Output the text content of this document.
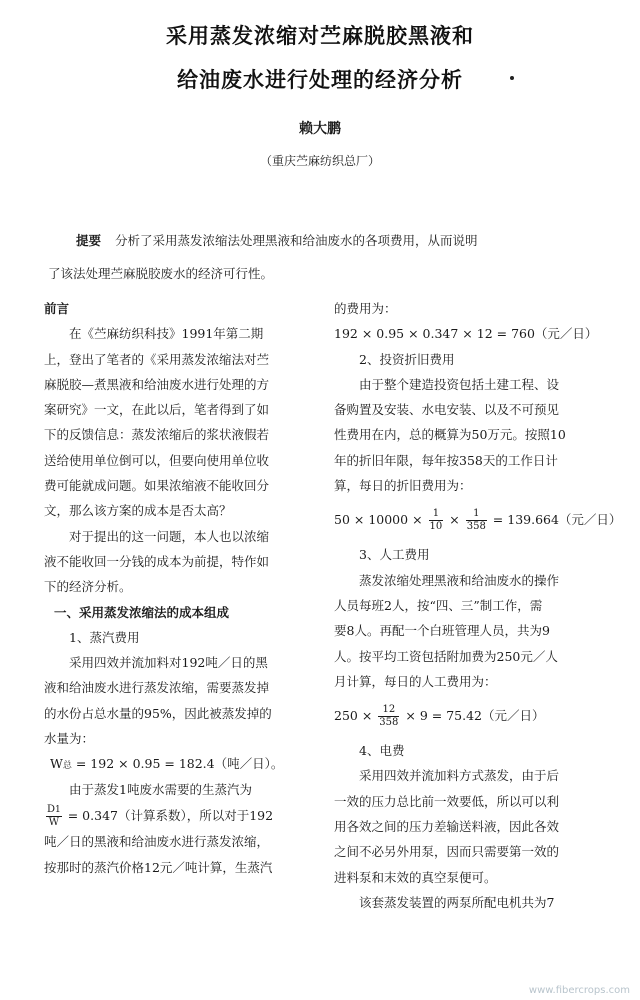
采用蒸发浓缩对苎麻脱胶黑液和
给油废水进行处理的经济分析
赖大鹏
（重庆苎麻纺织总厂）
提要 分析了采用蒸发浓缩法处理黑液和给油废水的各项费用，从而说明
了该法处理苎麻脱胶废水的经济可行性。
前言
在《苎麻纺织科技》1991年第二期
上，登出了笔者的《采用蒸发浓缩法对苎
麻脱胶—煮黑液和给油废水进行处理的方
案研究》一文，在此以后，笔者得到了如
下的反馈信息：蒸发浓缩后的浆状液假若
送给使用单位倒可以，但要向使用单位收
费可能就成问题。如果浓缩液不能收回分
文，那么该方案的成本是否太高？
对于提出的这一问题，本人也以浓缩
液不能收回一分钱的成本为前提，特作如
下的经济分析。
一、采用蒸发浓缩法的成本组成
1、蒸汽费用
采用四效并流加料对192吨／日的黑
液和给油废水进行蒸发浓缩，需要蒸发掉
的水份占总水量的95%，因此被蒸发掉的
水量为：
W总 = 192 × 0.95 = 182.4（吨／日）。
由于蒸发1吨废水需要的生蒸汽为
$\frac{D1}{W} = 0.347$（计算系数），所以对于192
吨／日的黑液和给油废水进行蒸发浓缩，
按那时的蒸汽价格12元／吨计算，生蒸汽
的费用为：
192 × 0.95 × 0.347 × 12 = 760（元／日）
2、投资折旧费用
由于整个建造投资包括土建工程、设
备购置及安装、水电安装、以及不可预见
性费用在内，总的概算为50万元。按照10
年的折旧年限，每年按358天的工作日计
算，每日的折旧费用为：
$50 \times 10000 \times \frac{1}{10} \times \frac{1}{358} = 139.664$（元／日）
3、人工费用
蒸发浓缩处理黑液和给油废水的操作
人员每班2人，按“四、三”制工作，需
要8人。再配一个白班管理人员，共为9
人。按平均工资包括附加费为250元／人
月计算，每日的人工费用为：
$250 \times \frac{12}{358} \times 9 = 75.42$（元／日）
4、电费
采用四效并流加料方式蒸发，由于后
一效的压力总比前一效要低，所以可以利
用各效之间的压力差输送料液，因此各效
之间不必另外用泵，因而只需要第一效的
进料泵和末效的真空泵便可。
该套蒸发装置的两泵所配电机共为7
www.fibercrops.com
